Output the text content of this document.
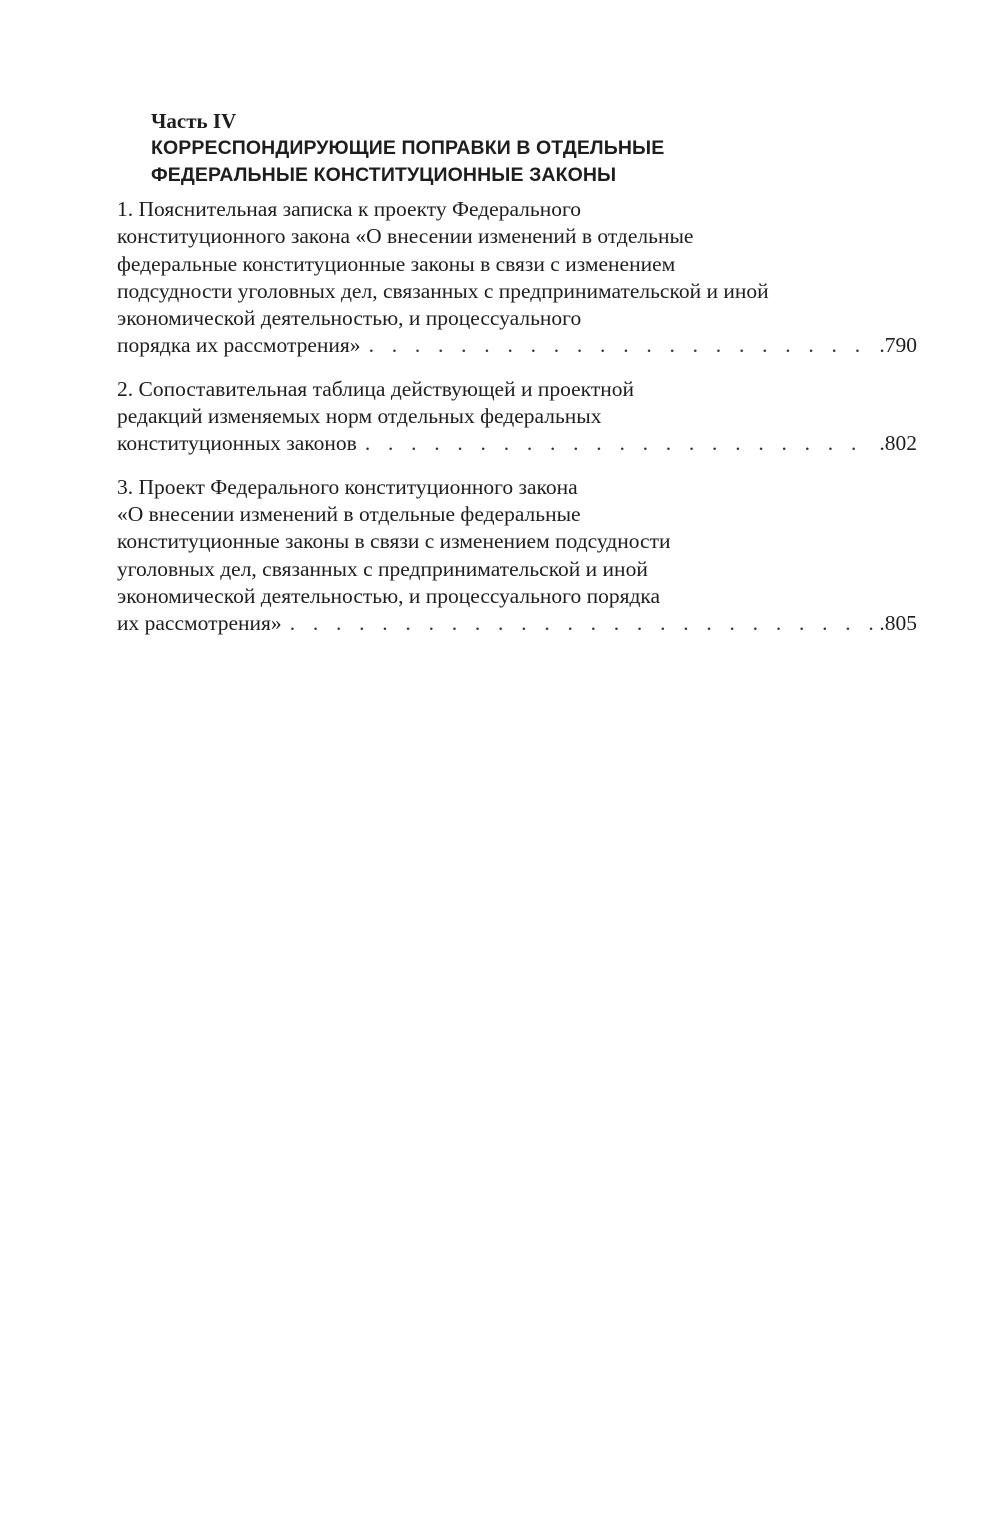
Часть IV

КОРРЕСПОНДИРУЮЩИЕ ПОПРАВКИ В ОТДЕЛЬНЫЕ

ФЕДЕРАЛЬНЫЕ КОНСТИТУЦИОННЫЕ ЗАКОНЫ

1. Пояснительная записка к проекту Федерального
конституционного закона «О внесении изменений в отдельные
федеральные конституционные законы в связи с изменением
подсудности уголовных дел, связанных с предпринимательской и иной
экономической деятельностью, и процессуального
порядка их рассмотрения» . . .	.790
2. Сопоставительная таблица действующей и проектной
редакций изменяемых норм отдельных федеральных
конституционных законов . . .	.802
3. Проект Федерального конституционного закона
«О внесении изменений в отдельные федеральные
конституционные законы в связи с изменением подсудности
уголовных дел, связанных с предпринимательской и иной
экономической деятельностью, и процессуального порядка
их рассмотрения» . . .	.805
